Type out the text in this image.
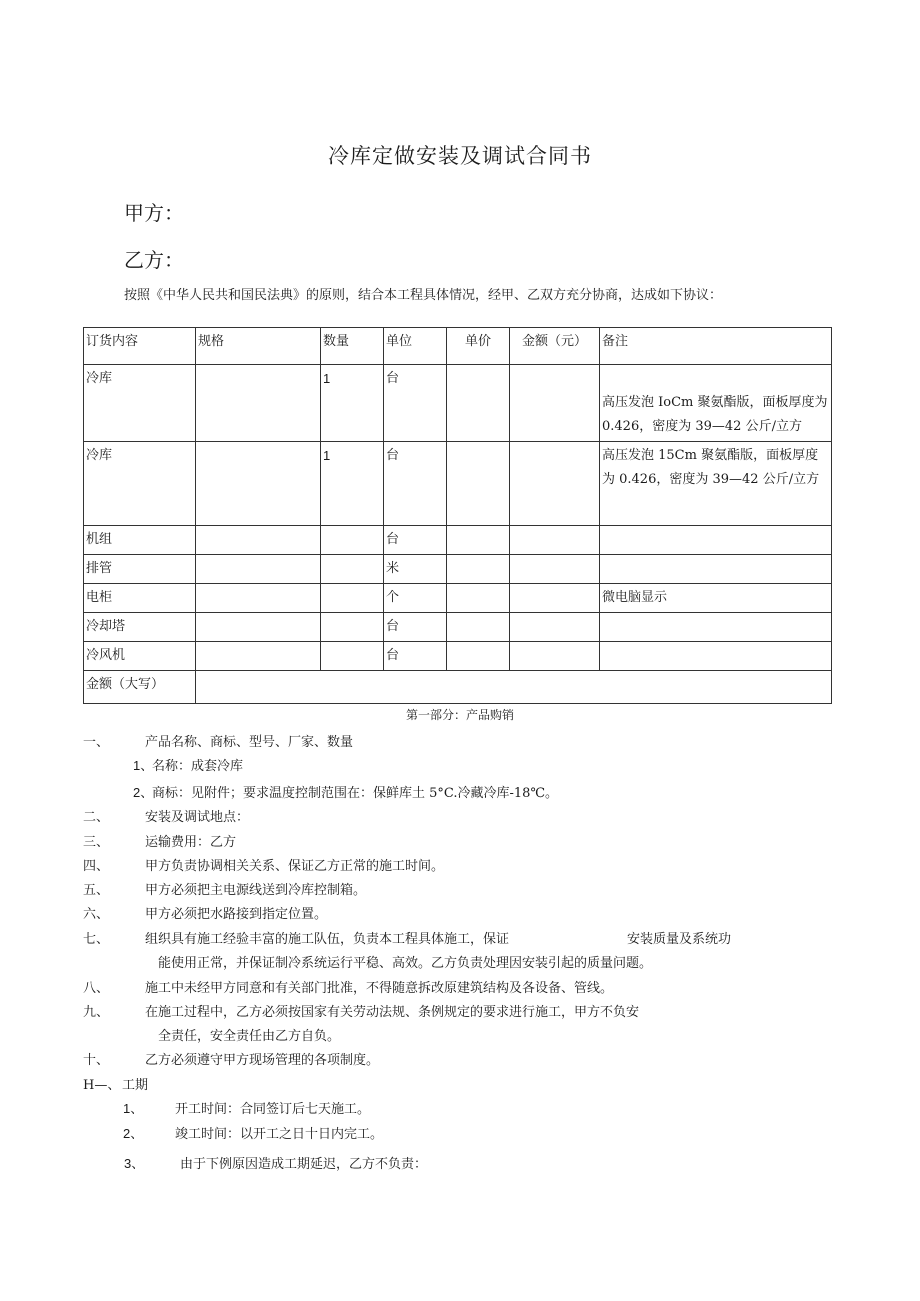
冷库定做安装及调试合同书
甲方：
乙方：
按照《中华人民共和国民法典》的原则，结合本工程具体情况，经甲、乙双方充分协商，达成如下协议：
订货内容	规格	数量	单位	单价	金额（元）	备注
冷库		1	台			高压发泡 IoCm 聚氨酯版，面板厚度为0.426，密度为 39—42 公斤/立方
冷库		1	台			高压发泡 15Cm 聚氨酯版，面板厚度为 0.426，密度为 39—42 公斤/立方
机组			台			
排管			米			
电柜			个			微电脑显示
冷却塔			台			
冷风机			台			
金额（大写）						
第一部分：产品购销
一、	产品名称、商标、型号、厂家、数量
1、
名称：成套冷库
2、
商标：见附件；要求温度控制范围在：保鲜库土 5°C.冷藏冷库-18℃。
二、	安装及调试地点：
三、	运输费用：乙方
四、	甲方负责协调相关关系、保证乙方正常的施工时间。
五、	甲方必须把主电源线送到冷库控制箱。
六、	甲方必须把水路接到指定位置。
七、	组织具有施工经验丰富的施工队伍，负责本工程具体施工，保证	安装质量及系统功
能使用正常，并保证制冷系统运行平稳、高效。乙方负责处理因安装引起的质量问题。
八、	施工中未经甲方同意和有关部门批准，不得随意拆改原建筑结构及各设备、管线。
九、	在施工过程中，乙方必须按国家有关劳动法规、条例规定的要求进行施工，甲方不负安
全责任，安全责任由乙方自负。
十、	乙方必须遵守甲方现场管理的各项制度。
H—、 工期
1、 开工时间：合同签订后七天施工。
2、 竣工时间：以开工之日十日内完工。
3、	由于下例原因造成工期延迟，乙方不负责：
